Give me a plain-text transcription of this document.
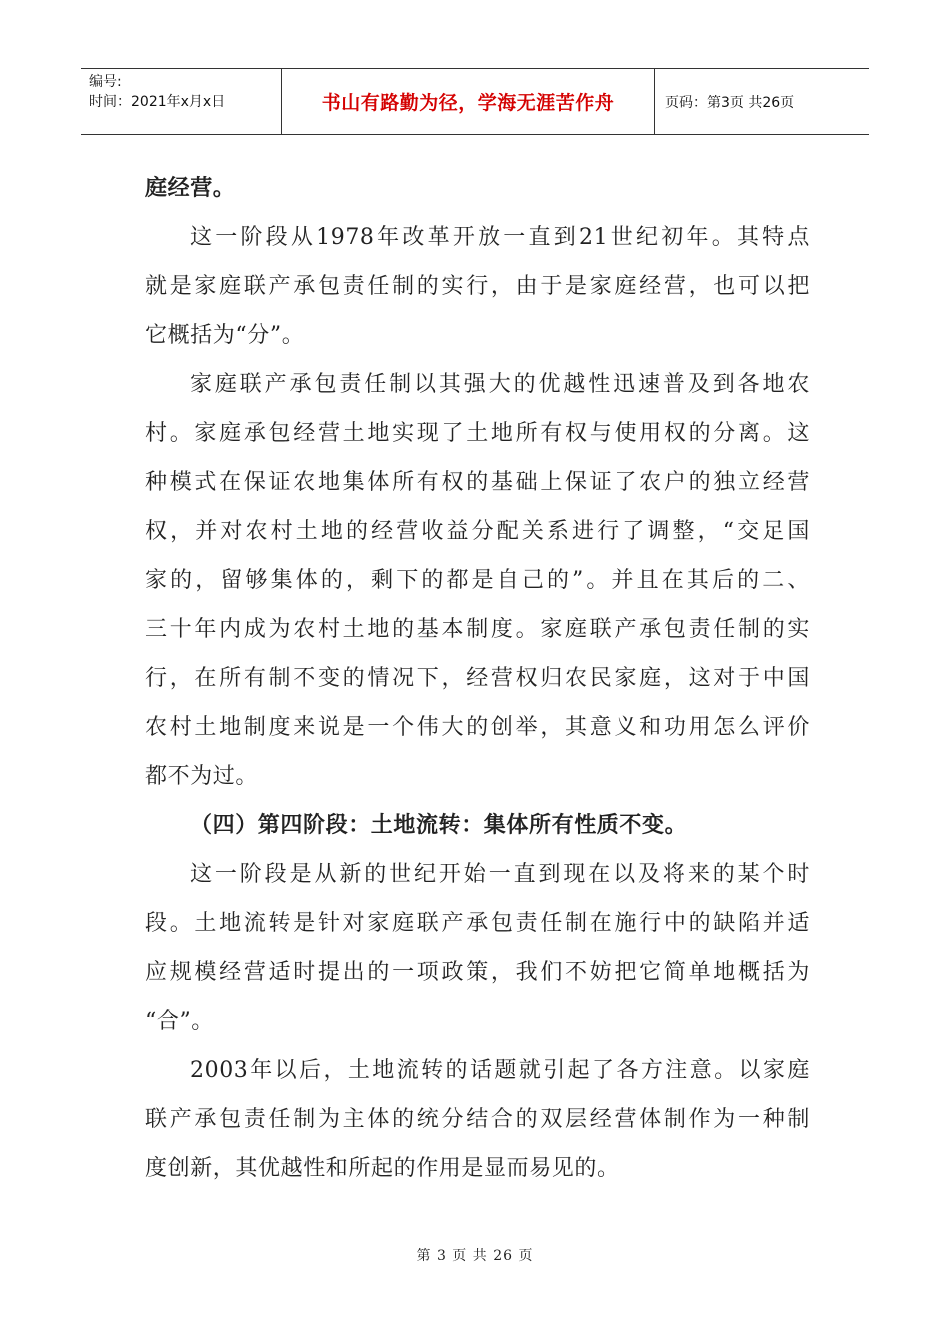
编号:
时间：2021年x月x日	书山有路勤为径，学海无涯苦作舟	页码：第3页 共26页
庭经营。
这一阶段从1978年改革开放一直到21世纪初年。其特点
就是家庭联产承包责任制的实行，由于是家庭经营，也可以把
它概括为“分”。
家庭联产承包责任制以其强大的优越性迅速普及到各地农
村。家庭承包经营土地实现了土地所有权与使用权的分离。这
种模式在保证农地集体所有权的基础上保证了农户的独立经营
权，并对农村土地的经营收益分配关系进行了调整，“交足国
家的，留够集体的，剩下的都是自己的”。并且在其后的二、
三十年内成为农村土地的基本制度。家庭联产承包责任制的实
行，在所有制不变的情况下，经营权归农民家庭，这对于中国
农村土地制度来说是一个伟大的创举，其意义和功用怎么评价
都不为过。
（四）第四阶段：土地流转：集体所有性质不变。
这一阶段是从新的世纪开始一直到现在以及将来的某个时
段。土地流转是针对家庭联产承包责任制在施行中的缺陷并适
应规模经营适时提出的一项政策，我们不妨把它简单地概括为
“合”。
2003年以后，土地流转的话题就引起了各方注意。以家庭
联产承包责任制为主体的统分结合的双层经营体制作为一种制
度创新，其优越性和所起的作用是显而易见的。
第 3 页 共 26 页
